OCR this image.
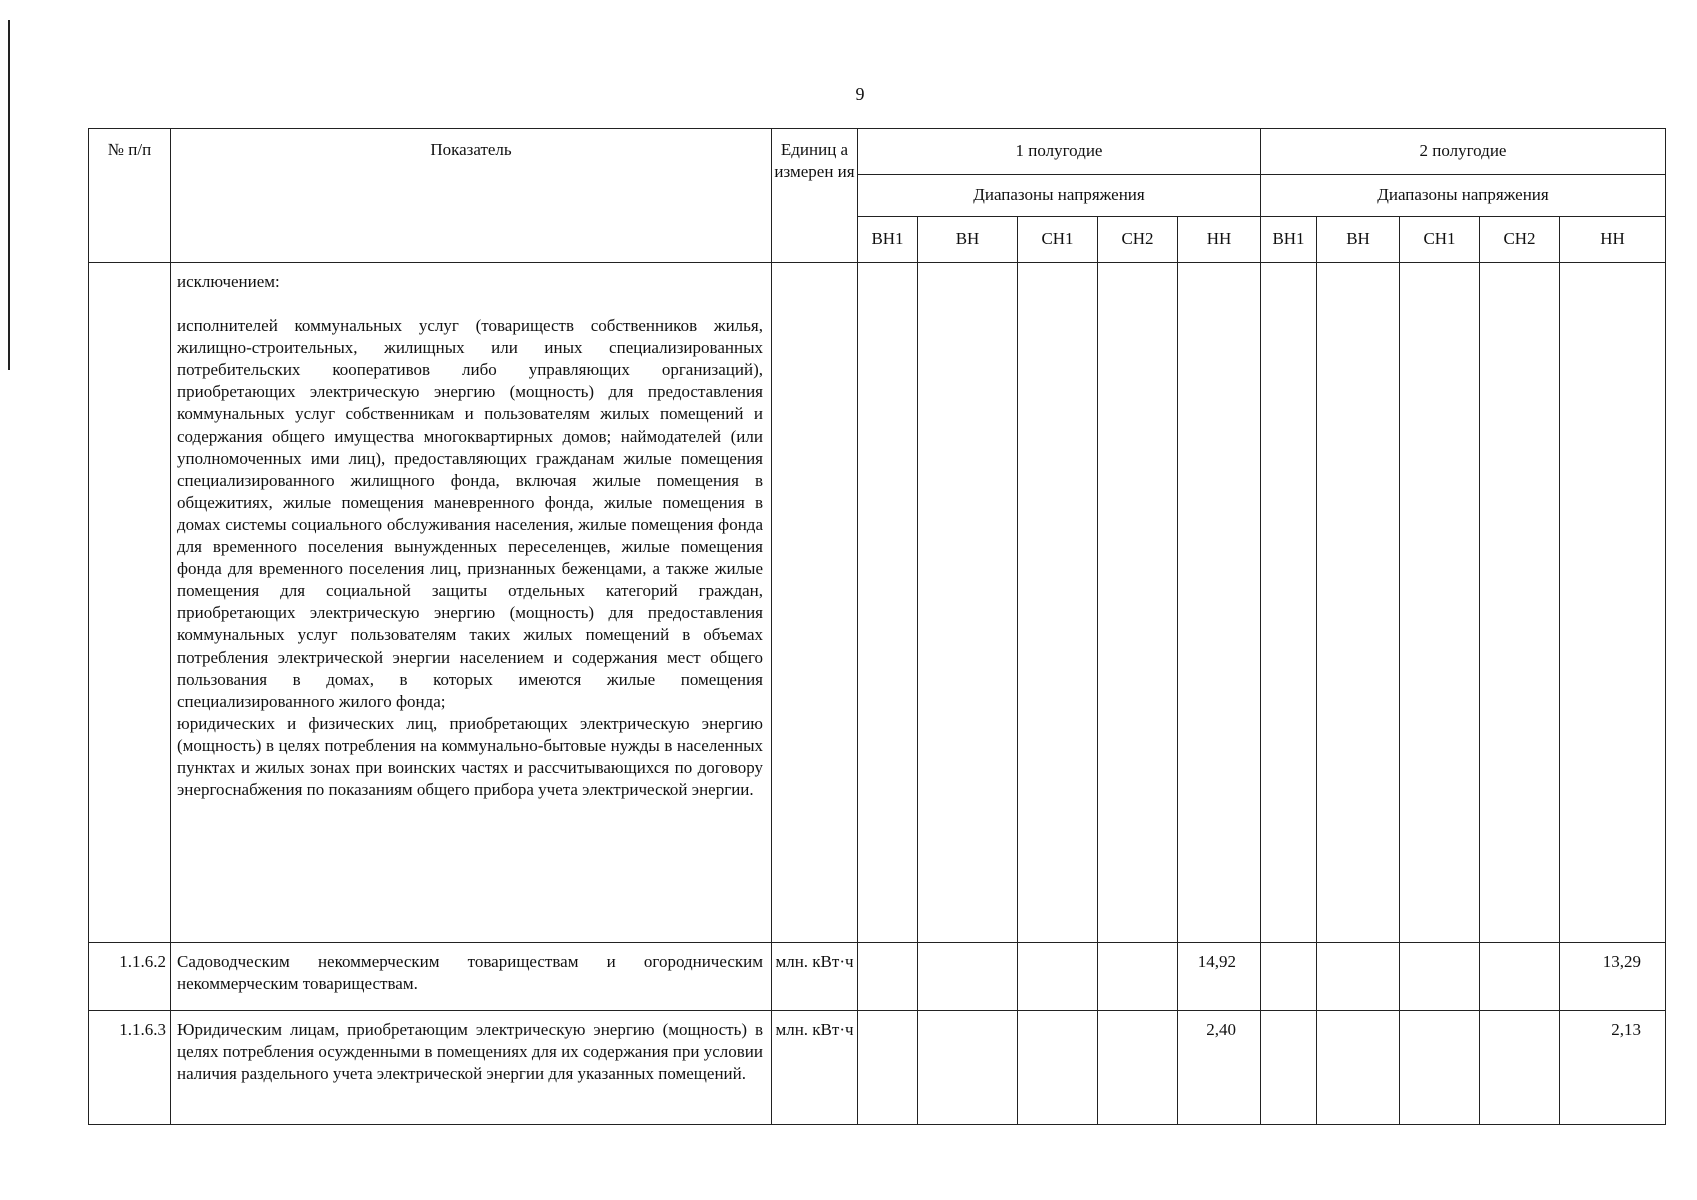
9
№ п/п	Показатель	Единиц а измерен ия	1 полугодие					2 полугодие				
			Диапазоны напряжения					Диапазоны напряжения				
			ВН1	ВН	СН1	СН2	НН	ВН1	ВН	СН1	СН2	НН

	исключением:

исполнителей коммунальных услуг (товариществ собственников жилья, жилищно-строительных, жилищных или иных специализированных потребительских кооперативов либо управляющих организаций), приобретающих электрическую энергию (мощность) для предоставления коммунальных услуг собственникам и пользователям жилых помещений и содержания общего имущества многоквартирных домов; наймодателей (или уполномоченных ими лиц), предоставляющих гражданам жилые помещения специализированного жилищного фонда, включая жилые помещения в общежитиях, жилые помещения маневренного фонда, жилые помещения в домах системы социального обслуживания населения, жилые помещения фонда для временного поселения вынужденных переселенцев, жилые помещения фонда для временного поселения лиц, признанных беженцами, а также жилые помещения для социальной защиты отдельных категорий граждан, приобретающих электрическую энергию (мощность) для предоставления коммунальных услуг пользователям таких жилых помещений в объемах потребления электрической энергии населением и содержания мест общего пользования в домах, в которых имеются жилые помещения специализированного жилого фонда;

юридических и физических лиц, приобретающих электрическую энергию (мощность) в целях потребления на коммунально-бытовые нужды в населенных пунктах и жилых зонах при воинских частях и рассчитывающихся по договору энергоснабжения по показаниям общего прибора учета электрической энергии.											

1.1.6.2	Садоводческим некоммерческим товариществам и огородническим некоммерческим товариществам.	млн. кВт·ч					14,92					13,29
1.1.6.3	Юридическим лицам, приобретающим электрическую энергию (мощность) в целях потребления осужденными в помещениях для их содержания при условии наличия раздельного учета электрической энергии для указанных помещений.	млн. кВт·ч					2,40					2,13
